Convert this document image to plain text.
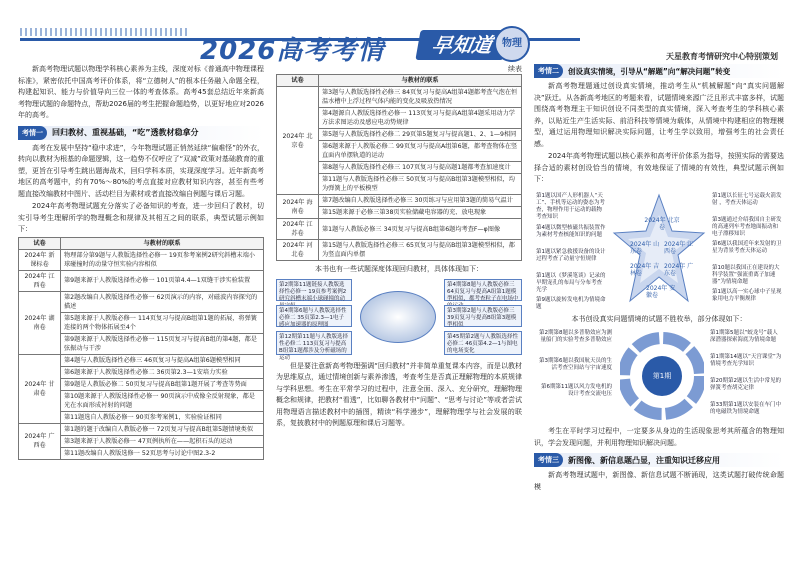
2026高考考情	早知道 物理
天星教育考情研究中心特别策划

新高考物理试题以物理学科核心素养为主线，深度对标《普通高中物理课程标准》，紧密依托中国高考评价体系，将“立德树人”的根本任务融入命题全程，构建起知识、能力与价值导向三位一体的考查体系。高考45套总结近年来新高考物理试题的命题特点，帮助2026届的考生把握命题趋势，以更好地应对2026年的高考。

考情一	回归教材、重视基础，“吃”透教材稳拿分

高考在发展中坚持“稳中求进”，今年物理试题正悄然延续“偏难怪”的外衣，转向以教材为根基的命题逻辑，这一趋势不仅呼应了“双减”政策对基础教育的重塑，更旨在引导考生跳出题海战术，回归学科本质，实现深度学习。近年新高考地区的高考题中，约有70%～80%的考点直接对应教材知识内容，甚至有些考题直接改编教材中图片、活动栏目为素材或者直接改编自例题与课后习题。

2024年高考物理试题充分落实了必备知识的考查，进一步回归了教材，切实引导考生理解所学的物理概念和规律及其相互之间的联系，典型试题示例如下：

试卷	与教材的联系
2024年 新课标卷	物理部分第9题与人教版选择性必修一 19页参考案例2研究斜槽末端小球碰撞时的动量守恒实验内容相似
2024年 江西卷	第9题来源于人教版选择性必修一 101页第4.4—1双缝干涉实验装置
2024年 湖南卷	第2题改编自人教版选择性必修一 62页演示的内容，对磁波内容探究的描述
	第5题来源于人教版必修一 114页复习与提高B组第1题的拓展，将弹簧连接的两个物体拓展至4个
	第9题来源于人教版选择性必修一 115页复习与提高B组的第4题，都是弦振动与干涉
2024年 甘肃卷	第4题与人教版选择性必修三 46页复习与提高A组第6题模型相同
	第6题来源于人教版选择性必修二 36页第2.3—1安培力实验
	第9题是人教版必修二 50页复习与提高B组第1题开展了考查等势面
	第10题来源于人教版选择性必修一 90页演示中成像全反射现象，都是光在水面形成衬射的问题
	第11题选自人教版必修一 90页参考案例1，实验验证相同
2024年 广西卷	第1题的题于改编自人教版必修一 72页复习与提高B组第5题情境类似
	第3题来源于人教版必修一 47页例执所在——起积石头的运动
	第11题改编自人教版选修一 52页思考与讨论中图2.3-2
续表
试卷	与教材的联系
2024年 北京卷	第3题与人教版选择性必修三 84页复习与提高A组第4题都考查气泡在恒温水槽中上浮过程气体内能的变化及吸放热情况
	第4题源自人教版选择性必修一 113页复习与提高A组第4题采用动力学方法求图运动及感应电动势规律
	第5题与人教版选择性必修二 29页第5题复习与提高题1、2、1—9相同
	第6题来源于人教版必修二 99页复习与提高A组第6题，都考查物体在竖直面内单摆轨道的运动
	第8题与人教版选择性必修三 107页复习与提高题1题都考查加速度计
	第11题与人教版选择性必修三 50页复习与提高B组第3题模型相似，均为弹簧上的平板模型
2024年 海南卷	第7题改编自人教版选择性必修三 30页练习与应用第3题的简易气温计
	第15题来源于必修三第38页实验储藏电容器的充、放电现象
2024年 江苏卷	第1题与人教版必修三 34页复习与提高B组第6题均考查F—φ图像
2024年 河北卷	第15题与人教版选择性必修三 65页复习与提高B组第3题模型相似，都为竖直面内单摆
本书也有一些试题深度体现回归教材，具体体现如下：
第2期第11题链接人教版选择性必修一 19页参考案例2研究斜槽末端小球碰撞的动
第4期第6题与人教版选择性必修二 35页第2.3—1电子感应加速器的原理图
第12期第11题与人教版选择性必修二 113页复习与提高B组第1题都涉及分析磁场的运动
第4期第8题与人教版必修三 64页复习与提高A组第1题模型相似，都考查粒子在电场中
第3期第2题与人教版必修三 39页复习与提高B组第3题模型相似
第45期第2题与人教版选择性必修二 46页第4.2—1与图电的电场变化

但是要注意新高考物理强调“回归教材”并非简单重复课本内容，而是以教材为思维原点，通过情境创新与素养渗透，考查考生是否真正理解物理的本质规律与学科思想。考生在平常学习的过程中，注意全面、深入、充分研究，理解物理概念和规律，把教材“看透”，比如聊各教材中“问题”、“思考与讨论”等或者尝试用物理语言描述教材中的插图，精读“科学漫步”，理解物理学与社会发展的联系，复披教材中的例题原理和课后习题等。

考情二	创设真实情境，引导从“解题”向“解决问题”转变

新高考物理题通过创设真实情境，推动考生从“机械解题”向“真实问题解决”跃迁。从各新高考地区的考题来看，试题情境来源广泛且形式丰富多样，试题围绕高考物理主干知识创设不同类型的真实情境，深入考查考生的学科核心素养，以贴近生产生活实际、前沿科技等情境为载体，从情境中构建相应的物理模型，通过运用物理知识解决实际问题，让考生学以致用，增强考生的社会责任感。

2024年高考物理试题以核心素养和高考评价体系为指导，按照实际的需要选择合适的素材创设恰当的情境，有效地保证了情境的有效性，典型试题示例如下：

第1题以国产人形机器人“天工”、手机等运动的姿态为考查，物理作用于运动的载物考查知识
第4题以微型核磁共振装置作为素材考查核能知识的问题
第1题以紧急救援设备的设计过程考查了动量守恒规律
第1题以《梦溪笔谈》记录的早期宠孔的布局与分布考查光学
第9题以旋转发电机为情境命题
2024年 北京卷
2024年 山东卷
2024年 江西卷
2024年 吉林卷
2024年 广东卷
2024年 安徽卷
第1题以长征七号运载火箭发射 ，考查天体运动
第3题通过介绍我国自主研发的高速列车考查地面振动和电子漂移知识
第6题以我国近年来发射的卫星为背景考查天体运动
第10题以我国正在建设的大科学装置“强流重离子加速器”为情境命题
第1题以高一实心球中子星现象用电力平衡规律
本书创设真实问题情境的试题不胜枚举，部分体现如下：
第2期第8题以多普勒效应为测量船门的实验考查多普勒效应
第3期第6题以我国航天员的生活考查空间站与宇宙速度
第6期第11题以风力发电机的设计考查交流电压
第1期
第1期第5题以“蛟龙号”载人深潜器探索海底为情境命题
第1期第14题以“天宫课堂”为情境考查光学知识
第20期第2题以生活中常见的弹簧考查胡克定律
第33期第1题以安装在车门中的电磁铁为情境命题

考生在平时学习过程中，一定要多从身边的生活现象思考其所蕴含的物理知识，学会发现问题，并利用物理知识解决问题。

考情三	新图像、新信息题凸显，注重知识迁移应用

新高考物理试题中，新图像、新信息试题不断涌现，这类试题打破传统命题模
